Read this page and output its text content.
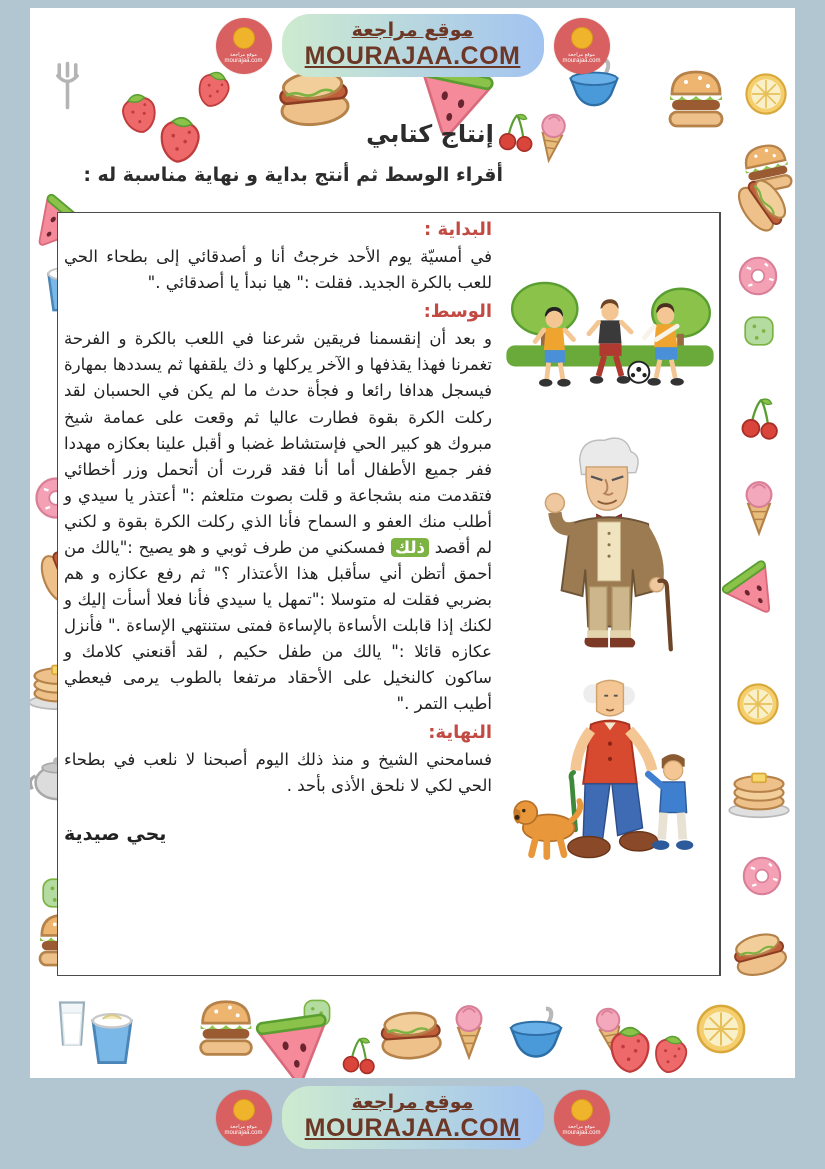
إنتاج كتابي
أقراء الوسط ثم أنتج بداية و نهاية مناسبة له :
البداية :

في أمسيّة يوم الأحد خرجتُ أنا و أصدقائي إلى بطحاء الحي للعب بالكرة الجديد. فقلت :" هيا نبدأ يا أصدقائي ."

الوسط:

و بعد أن إنقسمنا فريقين شرعنا في اللعب بالكرة و الفرحة تغمرنا فهذا يقذفها و الآخر يركلها و ذك يلقفها ثم يسددها بمهارة فيسجل هدافا رائعا و فجأة حدث ما لم يكن في الحسبان لقد ركلت الكرة بقوة فطارت عاليا ثم وقعت على عمامة شيخ مبروك هو كبير الحي فإستشاط غضبا و أقبل علينا بعكازه مهددا ففر جميع الأطفال أما أنا فقد قررت أن أتحمل وزر أخطائي فتقدمت منه بشجاعة و قلت بصوت متلعثم :" أعتذر يا سيدي و أطلب منك العفو و السماح فأنا الذي ركلت الكرة بقوة و لكني لم أقصد ذلك فمسكني من طرف ثوبي و هو يصيح :"يالك من أحمق أتظن أني سأقبل هذا الأعتذار ؟" ثم رفع عكازه و هم بضربي فقلت له متوسلا :"تمهل يا سيدي فأنا فعلا أسأت إليك و لكنك إذا قابلت الأساءة بالإساءة فمتى ستنتهي الإساءة ." فأنزل عكازه قائلا :" يالك من طفل حكيم , لقد أقنعني كلامك و ساكون كالنخيل على الأحقاد مرتفعا بالطوب يرمى فيعطي أطيب التمر ."

النهاية:

فسامحني الشيخ و منذ ذلك اليوم أصبحنا لا نلعب في بطحاء الحي لكي لا نلحق الأذى بأحد .

يحي صيدية
موقع مراجعة
mourajaa.com
موقع مراجعة
MOURAJAA.COM	موقع مراجعة
mourajaa.com
موقع مراجعة
mourajaa.com
موقع مراجعة
MOURAJAA.COM	موقع مراجعة
mourajaa.com
